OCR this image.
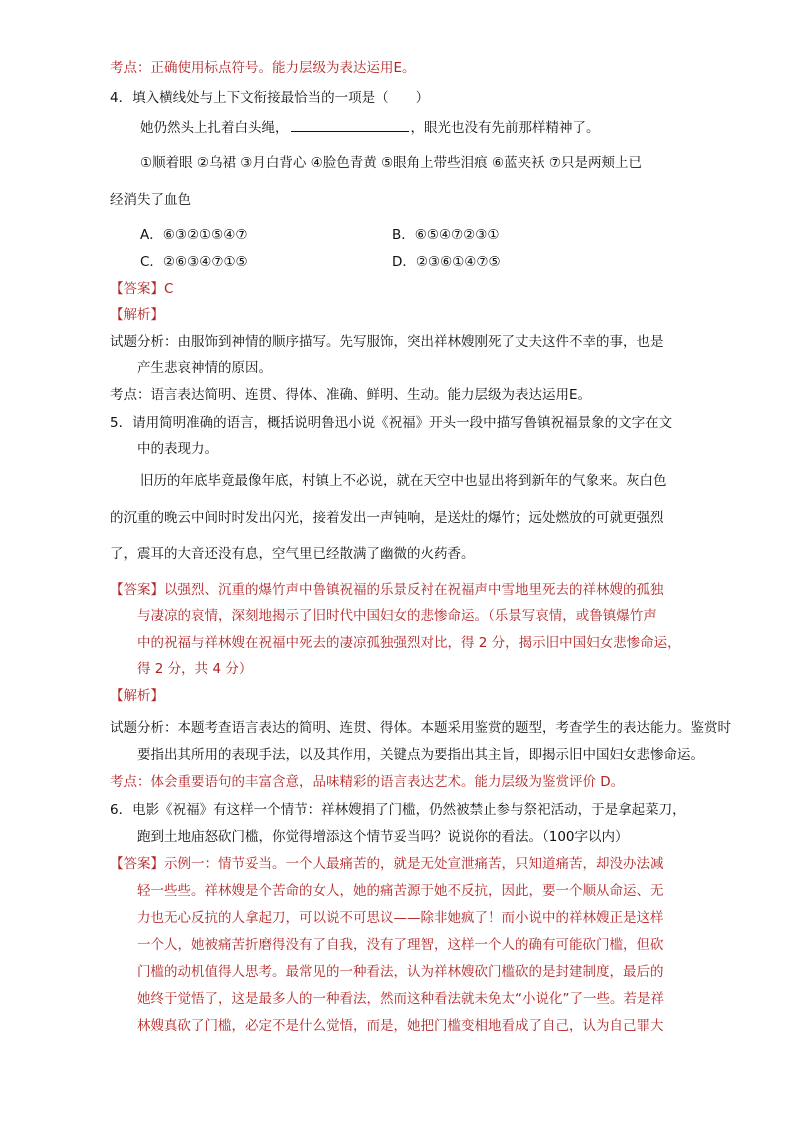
考点：正确使用标点符号。能力层级为表达运用E。
4．填入横线处与上下文衔接最恰当的一项是（　　）
她仍然头上扎着白头绳，	，眼光也没有先前那样精神了。
①顺着眼 ②乌裙 ③月白背心 ④脸色青黄 ⑤眼角上带些泪痕 ⑥蓝夹袄 ⑦只是两颊上已
经消失了血色
A．⑥③②①⑤④⑦	B．⑥⑤④⑦②③①
C．②⑥③④⑦①⑤	D．②③⑥①④⑦⑤
【答案】C
【解析】
试题分析：由服饰到神情的顺序描写。先写服饰，突出祥林嫂刚死了丈夫这件不幸的事，也是
产生悲哀神情的原因。
考点：语言表达简明、连贯、得体、准确、鲜明、生动。能力层级为表达运用E。
5．请用简明准确的语言，概括说明鲁迅小说《祝福》开头一段中描写鲁镇祝福景象的文字在文
中的表现力。
旧历的年底毕竟最像年底，村镇上不必说，就在天空中也显出将到新年的气象来。灰白色
的沉重的晚云中间时时发出闪光，接着发出一声钝响，是送灶的爆竹；远处燃放的可就更强烈
了，震耳的大音还没有息，空气里已经散满了幽微的火药香。
【答案】以强烈、沉重的爆竹声中鲁镇祝福的乐景反衬在祝福声中雪地里死去的祥林嫂的孤独
与凄凉的哀情，深刻地揭示了旧时代中国妇女的悲惨命运。（乐景写哀情，或鲁镇爆竹声
中的祝福与祥林嫂在祝福中死去的凄凉孤独强烈对比，得 2 分，揭示旧中国妇女悲惨命运，
得 2 分，共 4 分）
【解析】
试题分析：本题考查语言表达的简明、连贯、得体。本题采用鉴赏的题型，考查学生的表达能力。鉴赏时
要指出其所用的表现手法，以及其作用，关键点为要指出其主旨，即揭示旧中国妇女悲惨命运。
考点：体会重要语句的丰富含意，品味精彩的语言表达艺术。能力层级为鉴赏评价 D。
6．电影《祝福》有这样一个情节：祥林嫂捐了门槛，仍然被禁止参与祭祀活动，于是拿起菜刀，
跑到土地庙怒砍门槛，你觉得增添这个情节妥当吗？说说你的看法。（100字以内）
【答案】示例一：情节妥当。一个人最痛苦的，就是无处宣泄痛苦，只知道痛苦，却没办法减
轻一些些。祥林嫂是个苦命的女人，她的痛苦源于她不反抗，因此，要一个顺从命运、无
力也无心反抗的人拿起刀，可以说不可思议——除非她疯了！而小说中的祥林嫂正是这样
一个人，她被痛苦折磨得没有了自我，没有了理智，这样一个人的确有可能砍门槛，但砍
门槛的动机值得人思考。最常见的一种看法，认为祥林嫂砍门槛砍的是封建制度，最后的
她终于觉悟了，这是最多人的一种看法，然而这种看法就未免太“小说化”了一些。若是祥
林嫂真砍了门槛，必定不是什么觉悟，而是，她把门槛变相地看成了自己，认为自己罪大
